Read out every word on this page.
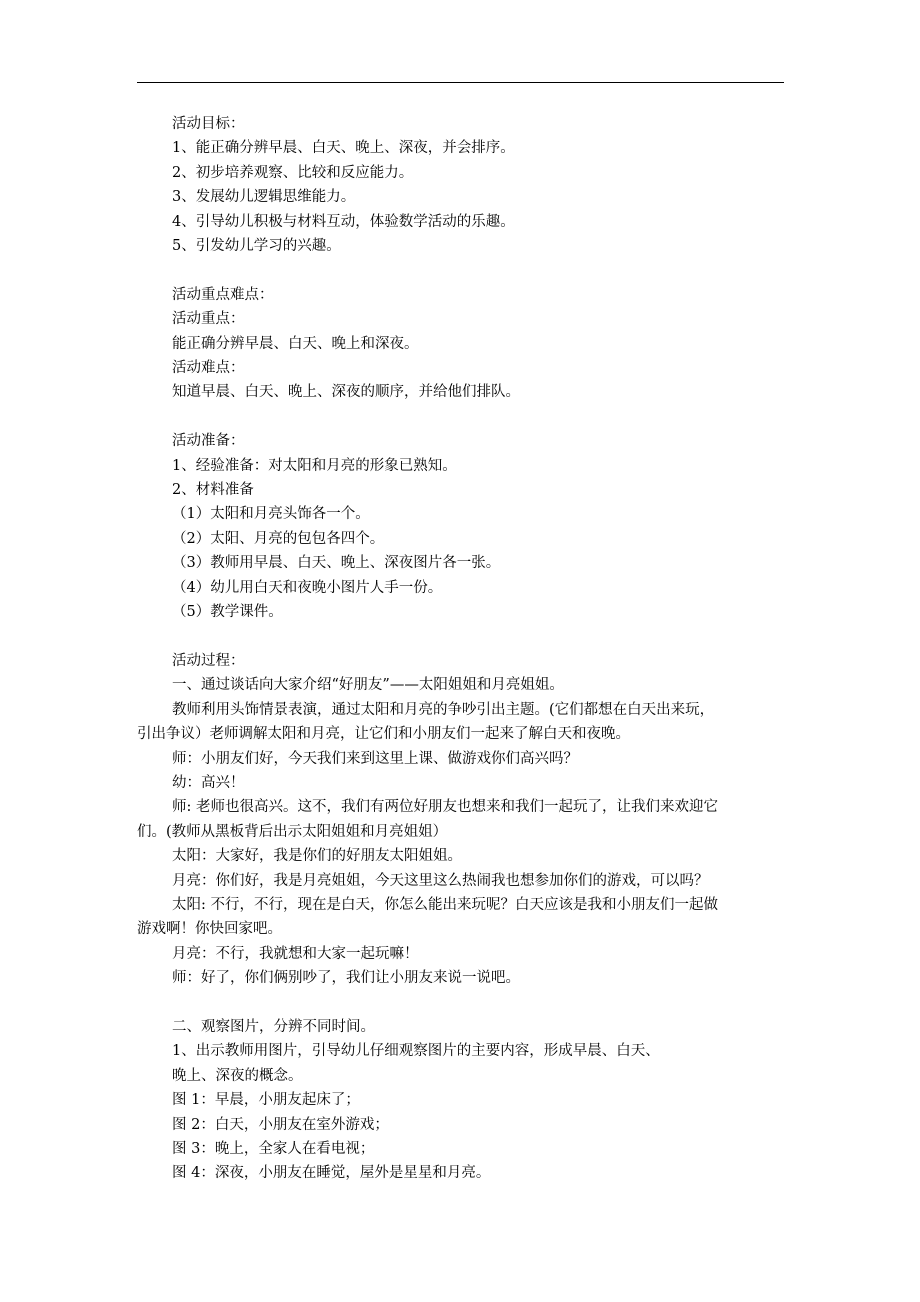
活动目标：

1、能正确分辨早晨、白天、晚上、深夜，并会排序。

2、初步培养观察、比较和反应能力。

3、发展幼儿逻辑思维能力。

4、引导幼儿积极与材料互动，体验数学活动的乐趣。

5、引发幼儿学习的兴趣。

活动重点难点：

活动重点：

能正确分辨早晨、白天、晚上和深夜。

活动难点：

知道早晨、白天、晚上、深夜的顺序，并给他们排队。

活动准备：

1、经验准备：对太阳和月亮的形象已熟知。

2、材料准备

（1）太阳和月亮头饰各一个。

（2）太阳、月亮的包包各四个。

（3）教师用早晨、白天、晚上、深夜图片各一张。

（4）幼儿用白天和夜晚小图片人手一份。

（5）教学课件。

活动过程：

一、通过谈话向大家介绍“好朋友”——太阳姐姐和月亮姐姐。

教师利用头饰情景表演，通过太阳和月亮的争吵引出主题。(它们都想在白天出来玩，
引出争议）老师调解太阳和月亮，让它们和小朋友们一起来了解白天和夜晚。

师：小朋友们好，今天我们来到这里上课、做游戏你们高兴吗？

幼：高兴！

师: 老师也很高兴。这不，我们有两位好朋友也想来和我们一起玩了，让我们来欢迎它
们。(教师从黑板背后出示太阳姐姐和月亮姐姐）

太阳：大家好，我是你们的好朋友太阳姐姐。

月亮：你们好，我是月亮姐姐，今天这里这么热闹我也想参加你们的游戏，可以吗？

太阳: 不行，不行，现在是白天，你怎么能出来玩呢？白天应该是我和小朋友们一起做
游戏啊！你快回家吧。

月亮：不行，我就想和大家一起玩嘛！

师：好了，你们俩别吵了，我们让小朋友来说一说吧。

二、观察图片，分辨不同时间。

1、出示教师用图片，引导幼儿仔细观察图片的主要内容，形成早晨、白天、

晚上、深夜的概念。

图 1：早晨，小朋友起床了；

图 2：白天，小朋友在室外游戏；

图 3：晚上，全家人在看电视；

图 4：深夜，小朋友在睡觉，屋外是星星和月亮。
